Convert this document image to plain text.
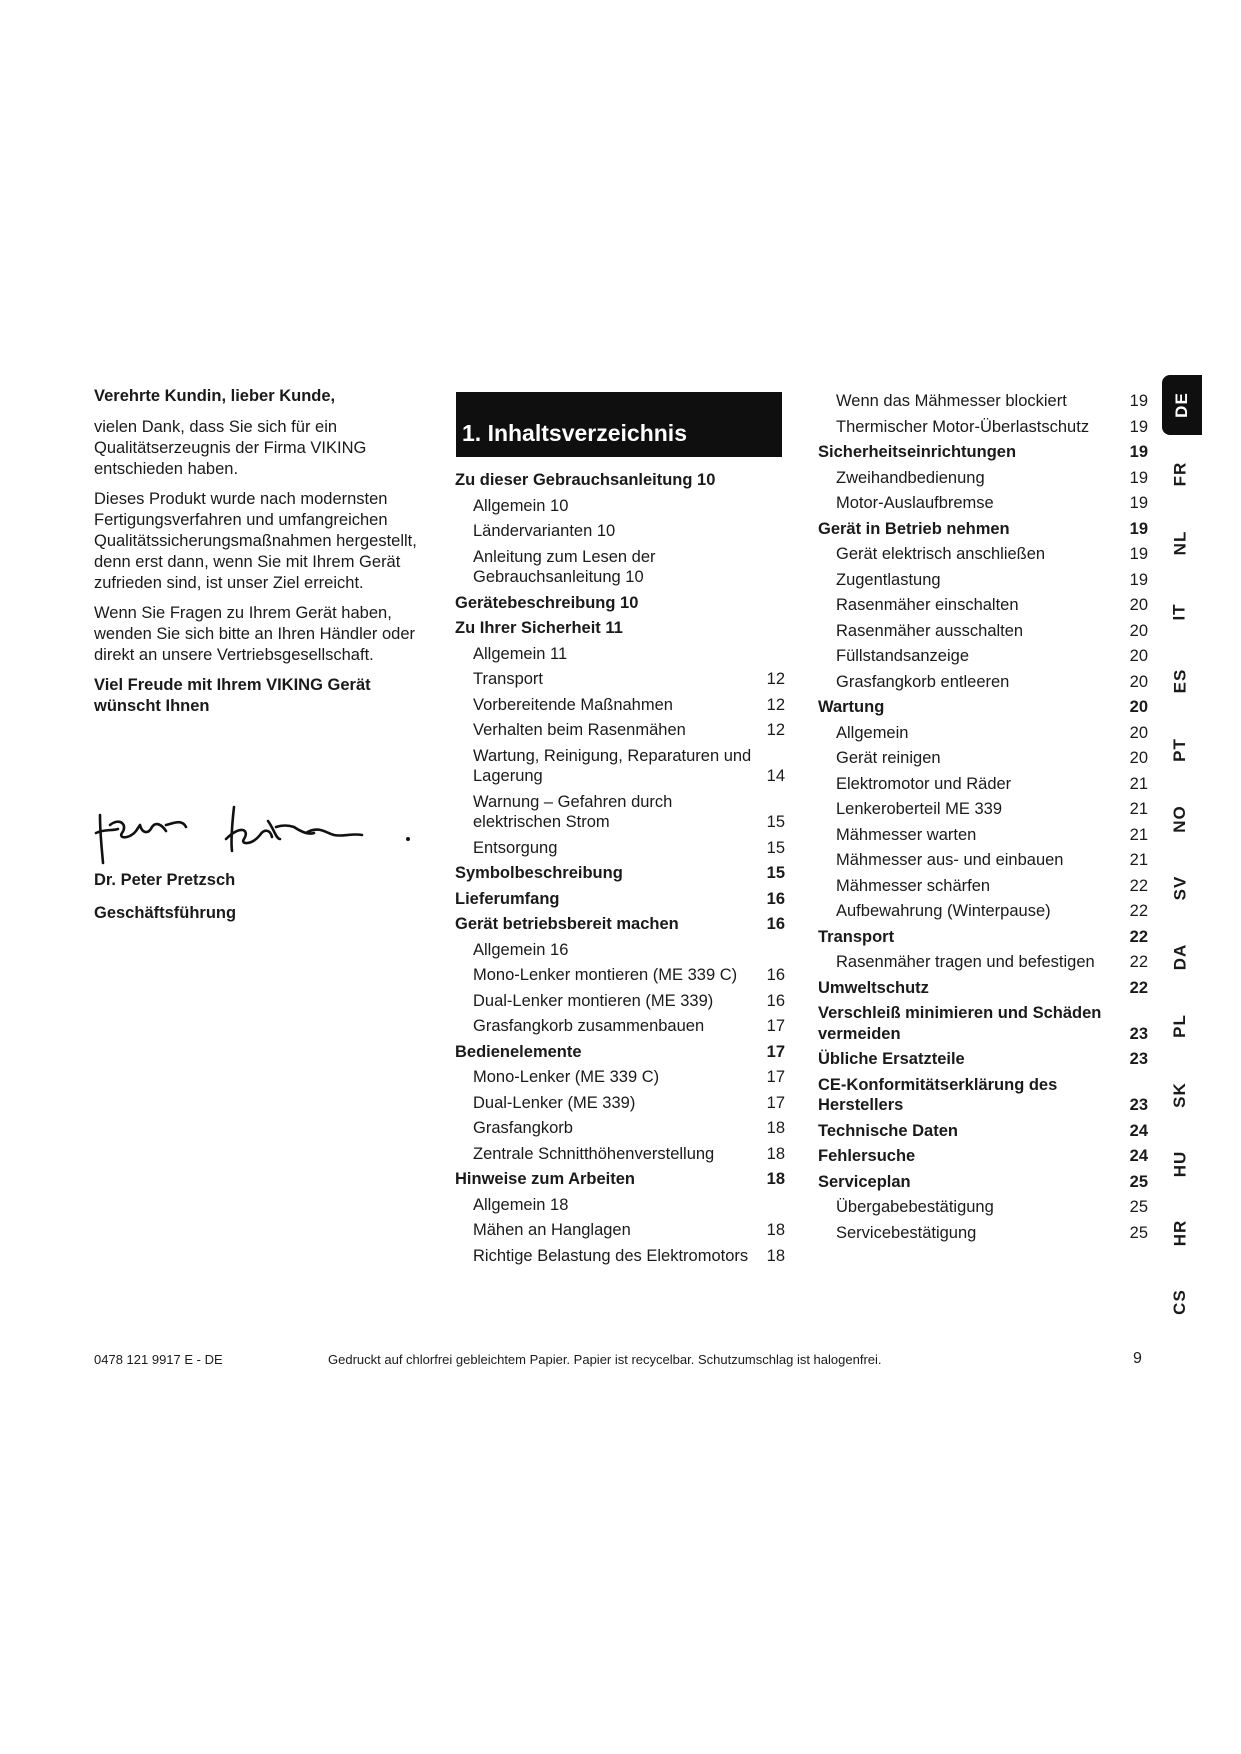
Verehrte Kundin, lieber Kunde,

vielen Dank, dass Sie sich für ein Qualitätserzeugnis der Firma VIKING entschieden haben.

Dieses Produkt wurde nach modernsten Fertigungsverfahren und umfangreichen Qualitätssicherungsmaßnahmen hergestellt, denn erst dann, wenn Sie mit Ihrem Gerät zufrieden sind, ist unser Ziel erreicht.

Wenn Sie Fragen zu Ihrem Gerät haben, wenden Sie sich bitte an Ihren Händler oder direkt an unsere Vertriebsgesellschaft.

Viel Freude mit Ihrem VIKING Gerät wünscht Ihnen
Dr. Peter Pretzsch
Geschäftsführung
1. Inhaltsverzeichnis
Zu dieser Gebrauchsanleitung 10
Allgemein 10
Ländervarianten 10
Anleitung zum Lesen der Gebrauchsanleitung 10
Gerätebeschreibung 10
Zu Ihrer Sicherheit 11
Allgemein 11
Transport	12
Vorbereitende Maßnahmen	12
Verhalten beim Rasenmähen	12
Wartung, Reinigung, Reparaturen und Lagerung	14
Warnung – Gefahren durch elektrischen Strom	15
Entsorgung	15
Symbolbeschreibung	15
Lieferumfang	16
Gerät betriebsbereit machen	16
Allgemein 16
Mono-Lenker montieren (ME 339 C)	16
Dual-Lenker montieren (ME 339)	16
Grasfangkorb zusammenbauen	17
Bedienelemente	17
Mono-Lenker (ME 339 C)	17
Dual-Lenker (ME 339)	17
Grasfangkorb	18
Zentrale Schnitthöhenverstellung	18
Hinweise zum Arbeiten	18
Allgemein 18
Mähen an Hanglagen	18
Richtige Belastung des Elektromotors	18
Wenn das Mähmesser blockiert	19
Thermischer Motor-Überlastschutz	19
Sicherheitseinrichtungen	19
Zweihandbedienung	19
Motor-Auslaufbremse	19
Gerät in Betrieb nehmen	19
Gerät elektrisch anschließen	19
Zugentlastung	19
Rasenmäher einschalten	20
Rasenmäher ausschalten	20
Füllstandsanzeige	20
Grasfangkorb entleeren	20
Wartung	20
Allgemein	20
Gerät reinigen	20
Elektromotor und Räder	21
Lenkeroberteil ME 339	21
Mähmesser warten	21
Mähmesser aus- und einbauen	21
Mähmesser schärfen	22
Aufbewahrung (Winterpause)	22
Transport	22
Rasenmäher tragen und befestigen	22
Umweltschutz	22
Verschleiß minimieren und Schäden vermeiden	23
Übliche Ersatzteile	23
CE-Konformitätserklärung des Herstellers	23
Technische Daten	24
Fehlersuche	24
Serviceplan	25
Übergabebestätigung	25
Servicebestätigung	25
DE
FR
NL
IT
ES
PT
NO
SV
DA
PL
SK
HU
HR
CS
0478 121 9917 E - DE	Gedruckt auf chlorfrei gebleichtem Papier. Papier ist recycelbar. Schutzumschlag ist halogenfrei.	9
